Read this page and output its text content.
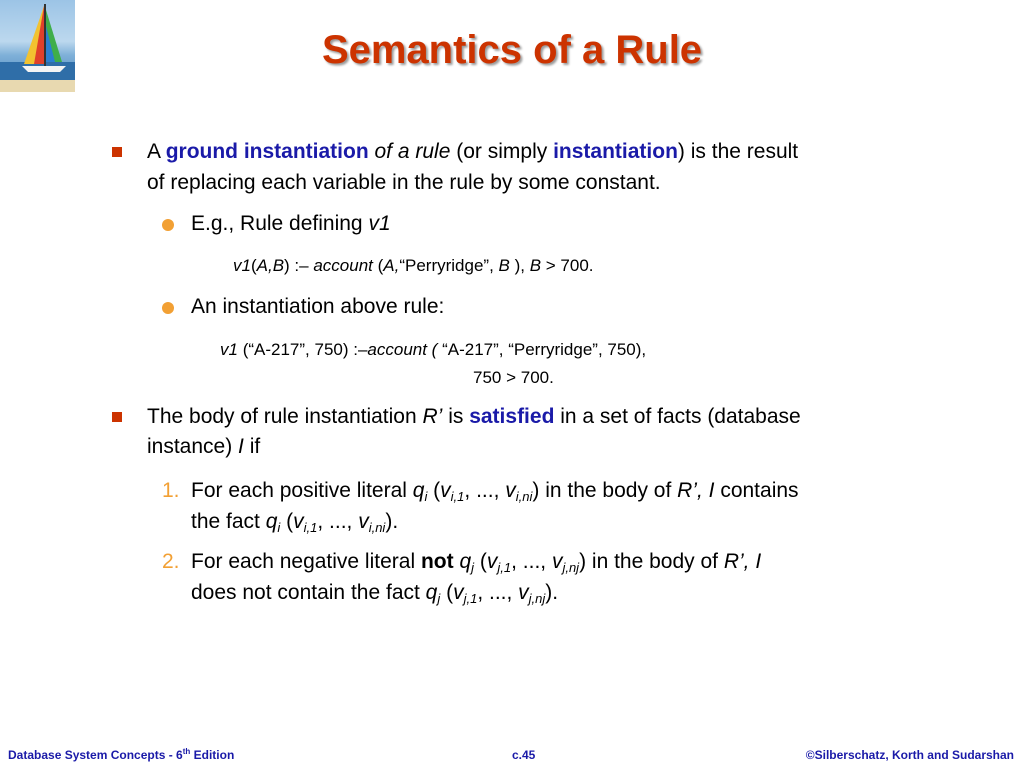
Semantics of a Rule
A ground instantiation of a rule (or simply instantiation) is the result
of replacing each variable in the rule by some constant.
E.g., Rule defining v1
v1(A,B) :– account (A,“Perryridge”, B ), B > 700.
An instantiation above rule:
v1 (“A-217”, 750) :–account ( “A-217”, “Perryridge”, 750),
750 > 700.
The body of rule instantiation R’ is satisfied in a set of facts (database
instance) I if
1. For each positive literal $q_i$ ($v_{i,1}$, ..., $v_{i,ni}$) in the body of R’, I contains
the fact $q_i$ ($v_{i,1}$, ..., $v_{i,ni}$).
2. For each negative literal not $q_j$ ($v_{j,1}$, ..., $v_{j,nj}$) in the body of R’, I
does not contain the fact $q_j$ ($v_{j,1}$, ..., $v_{j,nj}$).
Database System Concepts - 6th Edition	c.45	©Silberschatz, Korth and Sudarshan
